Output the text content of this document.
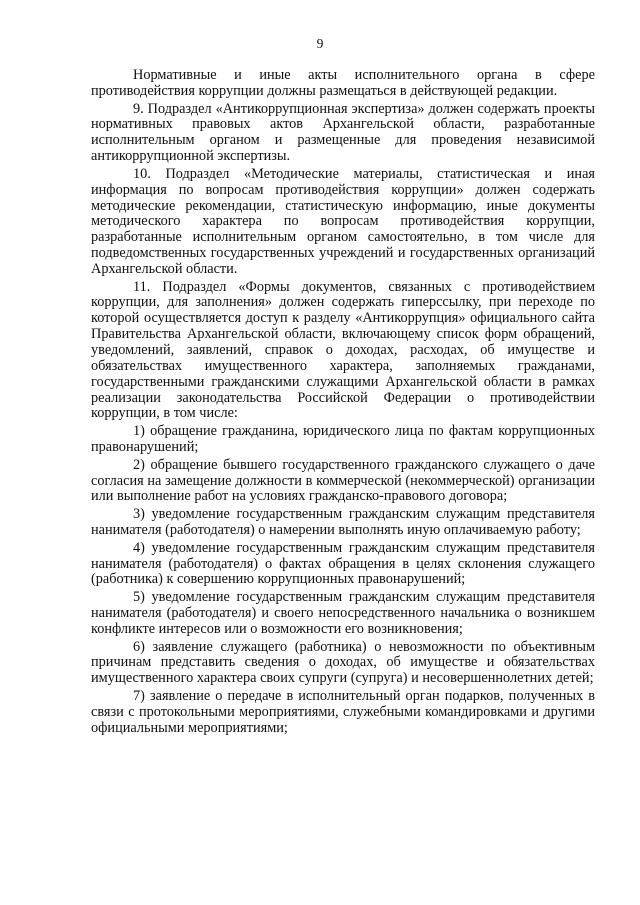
9

Нормативные и иные акты исполнительного органа в сфере противодействия коррупции должны размещаться в действующей редакции.

9. Подраздел «Антикоррупционная экспертиза» должен содержать проекты нормативных правовых актов Архангельской области, разработанные исполнительным органом и размещенные для проведения независимой антикоррупционной экспертизы.

10. Подраздел «Методические материалы, статистическая и иная информация по вопросам противодействия коррупции» должен содержать методические рекомендации, статистическую информацию, иные документы методического характера по вопросам противодействия коррупции, разработанные исполнительным органом самостоятельно, в том числе для подведомственных государственных учреждений и государственных организаций Архангельской области.

11. Подраздел «Формы документов, связанных с противодействием коррупции, для заполнения» должен содержать гиперссылку, при переходе по которой осуществляется доступ к разделу «Антикоррупция» официального сайта Правительства Архангельской области, включающему список форм обращений, уведомлений, заявлений, справок о доходах, расходах, об имуществе и обязательствах имущественного характера, заполняемых гражданами, государственными гражданскими служащими Архангельской области в рамках реализации законодательства Российской Федерации о противодействии коррупции, в том числе:

1) обращение гражданина, юридического лица по фактам коррупционных правонарушений;

2) обращение бывшего государственного гражданского служащего о даче согласия на замещение должности в коммерческой (некоммерческой) организации или выполнение работ на условиях гражданско-правового договора;

3) уведомление государственным гражданским служащим представителя нанимателя (работодателя) о намерении выполнять иную оплачиваемую работу;

4) уведомление государственным гражданским служащим представителя нанимателя (работодателя) о фактах обращения в целях склонения служащего (работника) к совершению коррупционных правонарушений;

5) уведомление государственным гражданским служащим представителя нанимателя (работодателя) и своего непосредственного начальника о возникшем конфликте интересов или о возможности его возникновения;

6) заявление служащего (работника) о невозможности по объективным причинам представить сведения о доходах, об имуществе и обязательствах имущественного характера своих супруги (супруга) и несовершеннолетних детей;

7) заявление о передаче в исполнительный орган подарков, полученных в связи с протокольными мероприятиями, служебными командировками и другими официальными мероприятиями;
